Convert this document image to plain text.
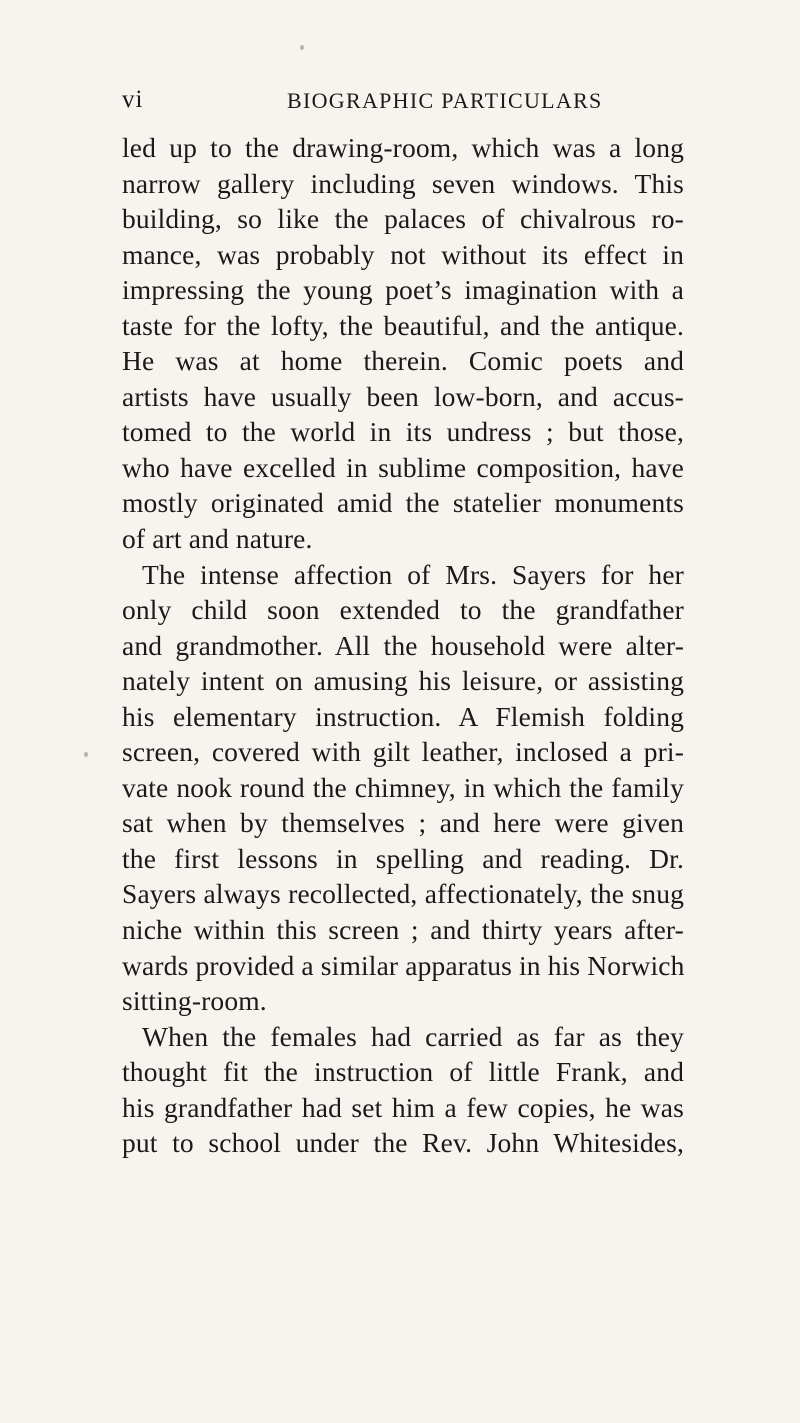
vi	BIOGRAPHIC PARTICULARS
led up to the drawing-room, which was a long
narrow gallery including seven windows. This
building, so like the palaces of chivalrous ro-
mance, was probably not without its effect in
impressing the young poet’s imagination with a
taste for the lofty, the beautiful, and the antique.
He was at home therein. Comic poets and
artists have usually been low-born, and accus-
tomed to the world in its undress ; but those,
who have excelled in sublime composition, have
mostly originated amid the statelier monuments
of art and nature.
The intense affection of Mrs. Sayers for her
only child soon extended to the grandfather
and grandmother. All the household were alter-
nately intent on amusing his leisure, or assisting
his elementary instruction. A Flemish folding
screen, covered with gilt leather, inclosed a pri-
vate nook round the chimney, in which the family
sat when by themselves ; and here were given
the first lessons in spelling and reading. Dr.
Sayers always recollected, affectionately, the snug
niche within this screen ; and thirty years after-
wards provided a similar apparatus in his Norwich
sitting-room.
When the females had carried as far as they
thought fit the instruction of little Frank, and
his grandfather had set him a few copies, he was
put to school under the Rev. John Whitesides,
